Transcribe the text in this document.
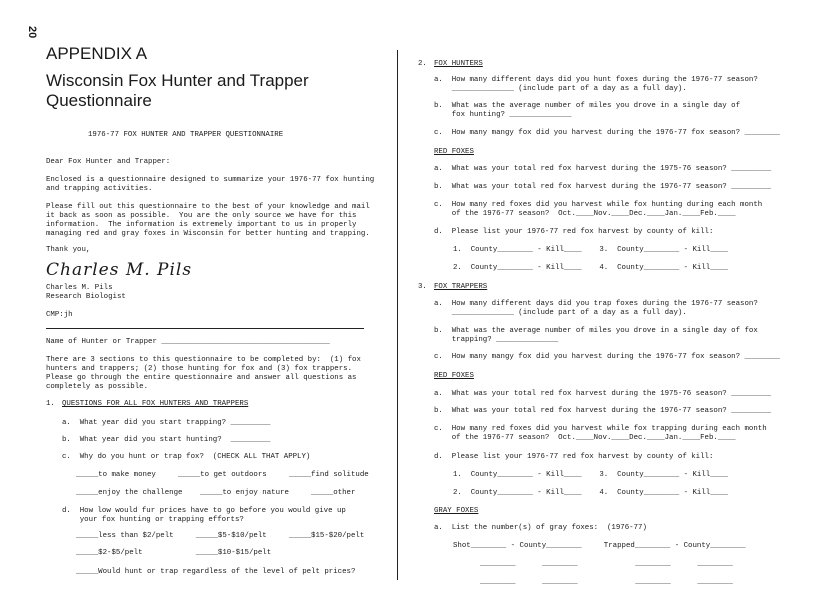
20
APPENDIX A
Wisconsin Fox Hunter and Trapper
Questionnaire
1976-77 FOX HUNTER AND TRAPPER QUESTIONNAIRE
Dear Fox Hunter and Trapper:
Enclosed is a questionnaire designed to summarize your 1976-77 fox hunting
and trapping activities.
Please fill out this questionnaire to the best of your knowledge and mail
it back as soon as possible.  You are the only source we have for this
information.  The information is extremely important to us in properly
managing red and gray foxes in Wisconsin for better hunting and trapping.
Thank you,
Charles M. Pils
Charles M. Pils
Research Biologist
CMP:jh
Name of Hunter or Trapper ______________________________________
There are 3 sections to this questionnaire to be completed by:  (1) fox
hunters and trappers; (2) those hunting for fox and (3) fox trappers.
Please go through the entire questionnaire and answer all questions as
completely as possible.
1. QUESTIONS FOR ALL FOX HUNTERS AND TRAPPERS
a.  What year did you start trapping? _________
b.  What year did you start hunting?  _________
c.  Why do you hunt or trap fox?  (CHECK ALL THAT APPLY)
_____to make money     _____to get outdoors     _____find solitude
_____enjoy the challenge    _____to enjoy nature     _____other
d.  How low would fur prices have to go before you would give up
your fox hunting or trapping efforts?
_____less than $2/pelt     _____$5-$10/pelt     _____$15-$20/pelt
_____$2-$5/pelt            _____$10-$15/pelt
_____Would hunt or trap regardless of the level of pelt prices?
2. FOX HUNTERS
a.  How many different days did you hunt foxes during the 1976-77 season?
______________ (include part of a day as a full day).
b.  What was the average number of miles you drove in a single day of
fox hunting? ______________
c.  How many mangy fox did you harvest during the 1976-77 fox season? ________
RED FOXES
a.  What was your total red fox harvest during the 1975-76 season? _________
b.  What was your total red fox harvest during the 1976-77 season? _________
c.  How many red foxes did you harvest while fox hunting during each month
of the 1976-77 season?  Oct.____Nov.____Dec.____Jan.____Feb.____
d.  Please list your 1976-77 red fox harvest by county of kill:
1.  County________ - Kill____    3.  County________ - Kill____
2.  County________ - Kill____    4.  County________ - Kill____
3. FOX TRAPPERS
a.  How many different days did you trap foxes during the 1976-77 season?
______________ (include part of a day as a full day).
b.  What was the average number of miles you drove in a single day of fox
trapping? ______________
c.  How many mangy fox did you harvest during the 1976-77 fox season? ________
RED FOXES
a.  What was your total red fox harvest during the 1975-76 season? _________
b.  What was your total red fox harvest during the 1976-77 season? _________
c.  How many red foxes did you harvest while fox trapping during each month
of the 1976-77 season?  Oct.____Nov.____Dec.____Jan.____Feb.____
d.  Please list your 1976-77 red fox harvest by county of kill:
1.  County________ - Kill____    3.  County________ - Kill____
2.  County________ - Kill____    4.  County________ - Kill____
GRAY FOXES
a.  List the number(s) of gray foxes:  (1976-77)
Shot________ - County________     Trapped________ - County________
________      ________             ________      ________
________      ________             ________      ________
